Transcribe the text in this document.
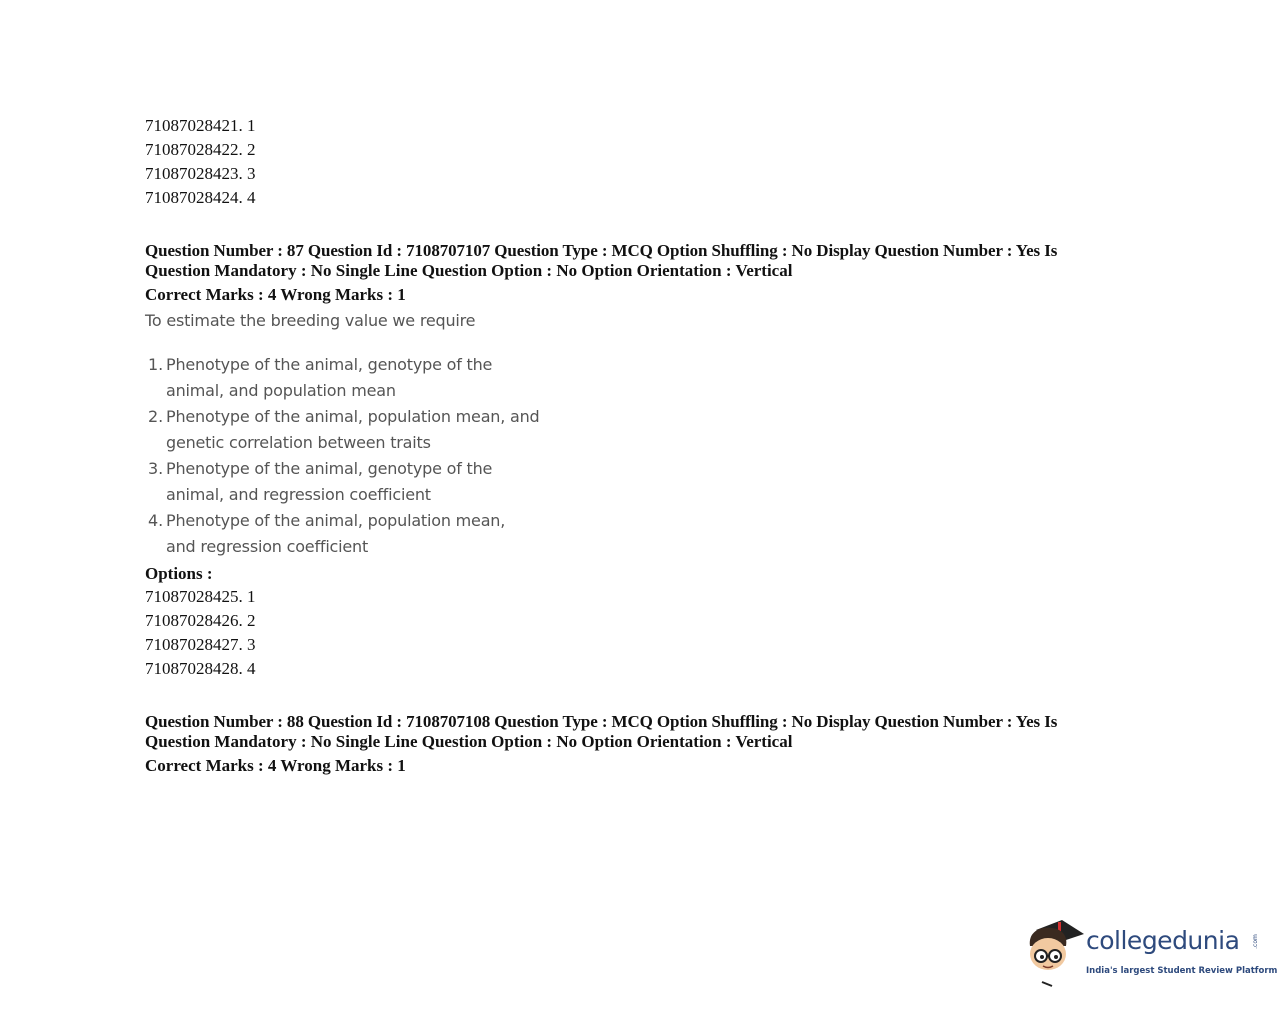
71087028421. 1
71087028422. 2
71087028423. 3
71087028424. 4
Question Number : 87 Question Id : 7108707107 Question Type : MCQ Option Shuffling : No Display Question Number : Yes Is
Question Mandatory : No Single Line Question Option : No Option Orientation : Vertical
Correct Marks : 4 Wrong Marks : 1
To estimate the breeding value we require
1. Phenotype of the animal, genotype of the
animal, and population mean
2. Phenotype of the animal, population mean, and
genetic correlation between traits
3. Phenotype of the animal, genotype of the
animal, and regression coefficient
4. Phenotype of the animal, population mean,
and regression coefficient
Options :
71087028425. 1
71087028426. 2
71087028427. 3
71087028428. 4
Question Number : 88 Question Id : 7108707108 Question Type : MCQ Option Shuffling : No Display Question Number : Yes Is
Question Mandatory : No Single Line Question Option : No Option Orientation : Vertical
Correct Marks : 4 Wrong Marks : 1
collegedunia .com
India's largest Student Review Platform
